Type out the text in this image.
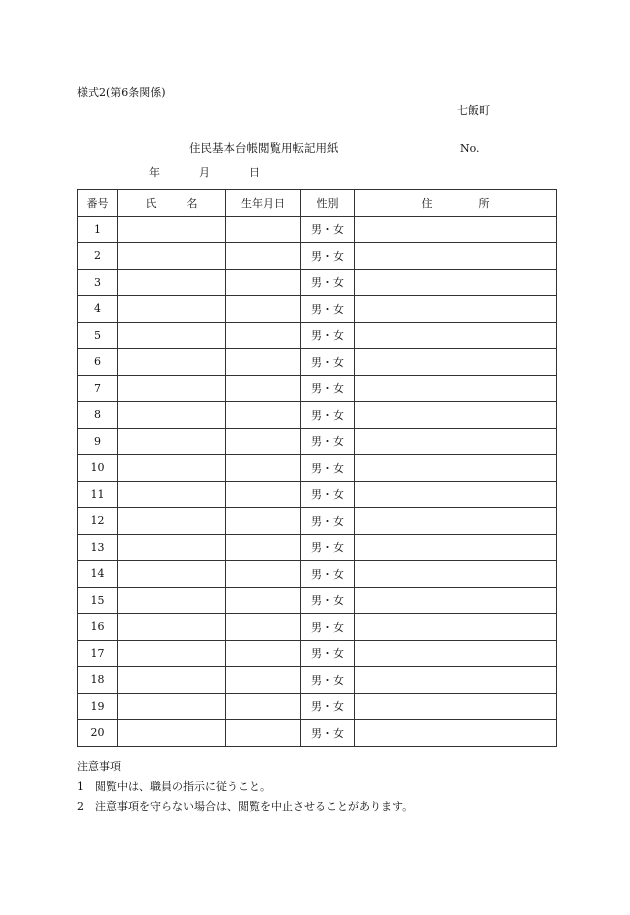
様式2(第6条関係)
七飯町
住民基本台帳閲覧用転記用紙	No.
年	月	日
番号	氏 名	生年月日	性別	住 所
1			男・女	
2			男・女	
3			男・女	
4			男・女	
5			男・女	
6			男・女	
7			男・女	
8			男・女	
9			男・女	
10			男・女	
11			男・女	
12			男・女	
13			男・女	
14			男・女	
15			男・女	
16			男・女	
17			男・女	
18			男・女	
19			男・女	
20			男・女	
注意事項
1 閲覧中は、職員の指示に従うこと。
2 注意事項を守らない場合は、閲覧を中止させることがあります。
